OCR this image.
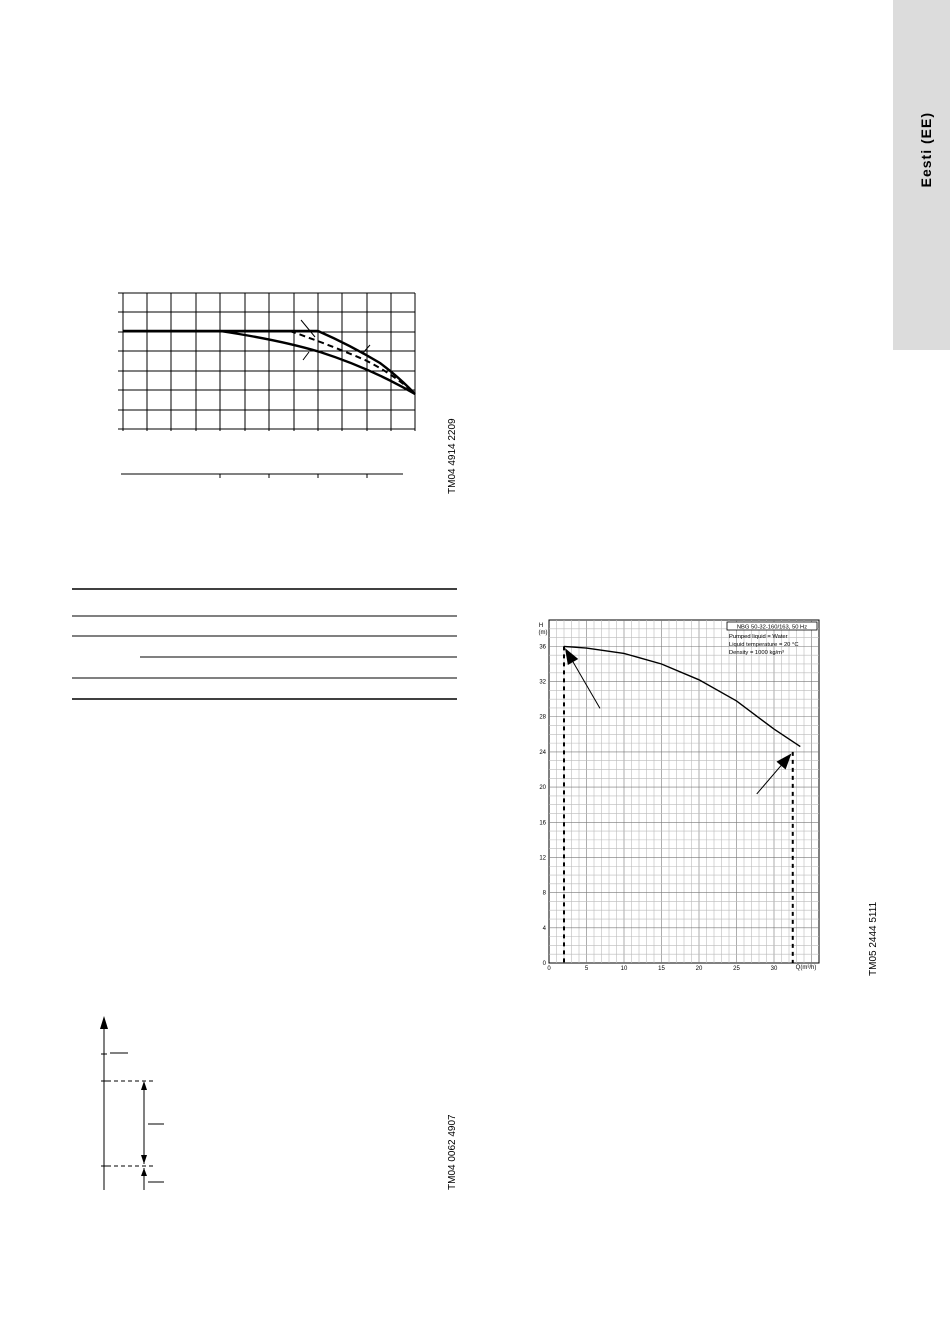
Eesti (EE)
0
4
8
12
16
20
24
28
32
36
0	5	10	15	20	25	30
H
(m)
Q(m³/h)
NBG 50-32-160/163, 50 Hz
Pumped liquid = Water
Liquid temperature = 20 °C
Density = 1000 kg/m³
TM04 4914 2209
TM04 0062 4907
TM05 2444 5111
